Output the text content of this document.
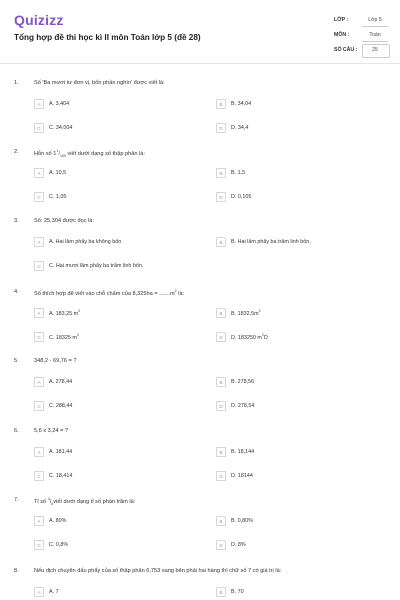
Quizizz
Tổng hợp đề thi học kì II môn Toán lớp 5 (đề 28)
LỚP :	Lớp 5
MÔN :	Toán
SỐ CÂU :	25
1.	Số 'Ba mươi tư đơn vị, bốn phần nghìn' được viết là:
A	A. 3,404	B	B. 34,04
C	C. 34,004	D	D. 34,4
2.	Hỗn số $1^1/_{100}$ viết dưới dạng số thập phân là:
A	A. 10,5	B	B. 1,5
C	C. 1,05	D	D. 0,105
3.	Số: 25,304 được đọc là:
A	A. Hai lăm phẩy ba không bốn	B	B. Hai lăm phẩy ba trăm linh bốn.
C	C. Hai mươi lăm phẩy ba trăm linh bốn.
4.	Số thích hợp để viết vào chỗ chấm của $8,325ha = .......m^2$ là:
A	A. 183,25 $m^2$	B	B. $1832,5m^2$
C	C. 18325 $m^2$	D	D. 183250 $m^2D$
5.	348,2 - 69,76 = ?
A	A. 278,44	B	B. 278,56
C	C. 288,44	D	D. 278,54
6.	5,6 x 3,24 = ?
A	A. 181,44	B	B. 18,144
C	C. 18,414	D	D. 18144
7.	Tỉ số $^4/_5viết$ dưới dạng tỉ số phần trăm là:
A	A. 80%	B	B. 0,80%
C	C. 0,8%	D	D. 8%
8.	Nếu dịch chuyển dấu phẩy của số thập phân 6,753 sang bên phải hai hàng thì chữ số 7 có giá trị là:
A	A. 7	B	B. 70
